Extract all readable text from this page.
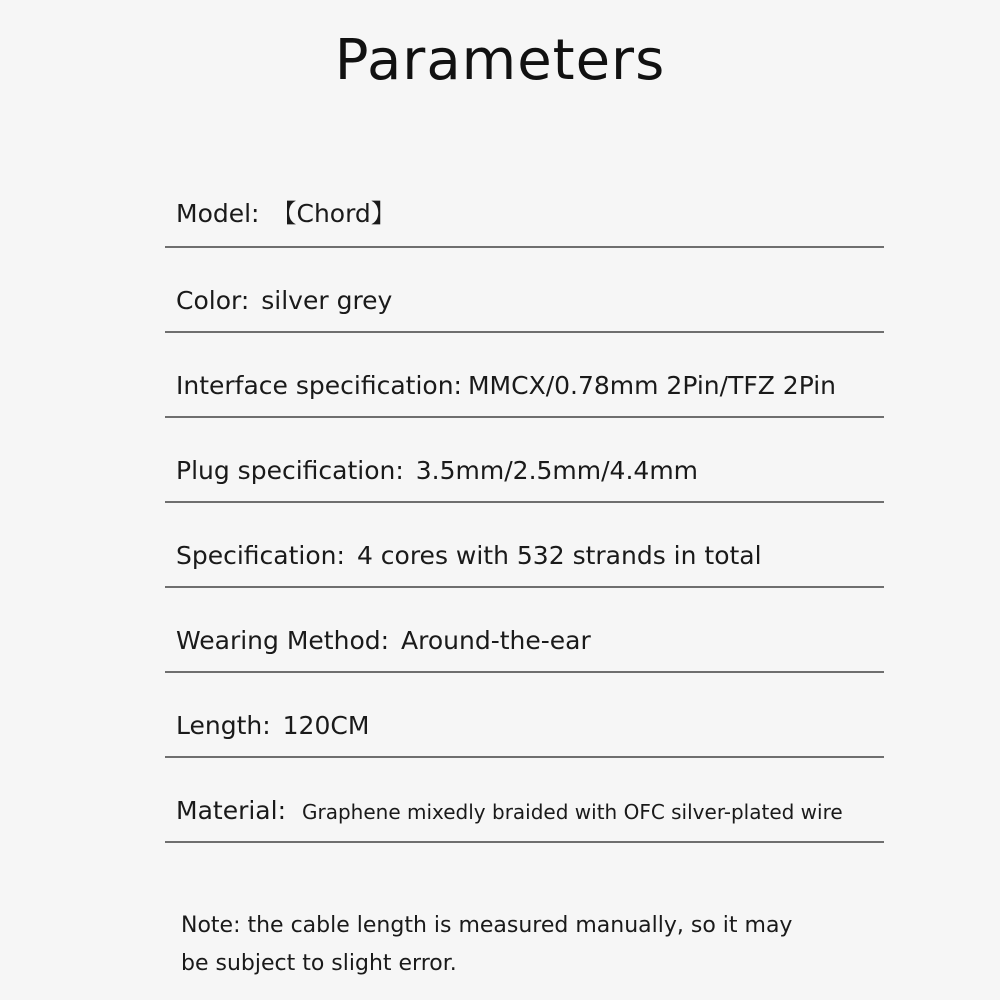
Parameters
Model: 【Chord】
Color: silver grey
Interface specification: MMCX/0.78mm 2Pin/TFZ 2Pin
Plug specification: 3.5mm/2.5mm/4.4mm
Specification: 4 cores with 532 strands in total
Wearing Method: Around-the-ear
Length: 120CM
Material: Graphene mixedly braided with OFC silver-plated wire
Note: the cable length is measured manually, so it may
be subject to slight error.
